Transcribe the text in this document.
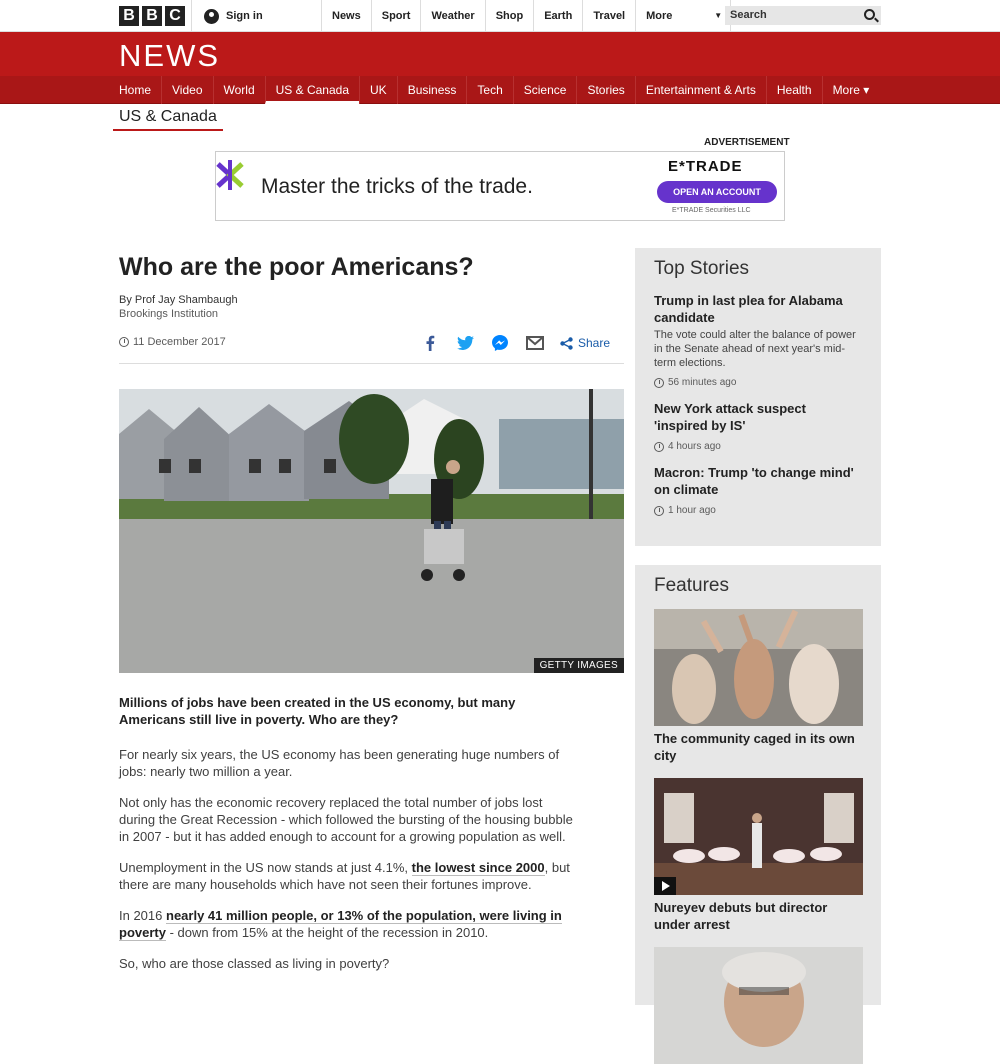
B B C	Sign in	News	Sport	Weather	Shop	Earth	Travel	More	▼ Search
NEWS
Home	Video	World	US & Canada	UK	Business	Tech	Science	Stories	Entertainment & Arts	Health	More ▾
US & Canada
ADVERTISEMENT
Master the tricks of the trade.
E*TRADE
OPEN AN ACCOUNT
E*TRADE Securities LLC
Who are the poor Americans?
By Prof Jay Shambaugh
Brookings Institution
11 December 2017	Share
GETTY IMAGES

Millions of jobs have been created in the US economy, but many Americans still live in poverty. Who are they?

For nearly six years, the US economy has been generating huge numbers of jobs: nearly two million a year.

Not only has the economic recovery replaced the total number of jobs lost during the Great Recession - which followed the bursting of the housing bubble in 2007 - but it has added enough to account for a growing population as well.

Unemployment in the US now stands at just 4.1%, the lowest since 2000, but there are many households which have not seen their fortunes improve.

In 2016 nearly 41 million people, or 13% of the population, were living in poverty - down from 15% at the height of the recession in 2010.

So, who are those classed as living in poverty?

Top Stories
Trump in last plea for Alabama candidate
The vote could alter the balance of power in the Senate ahead of next year's mid-term elections.
56 minutes ago
New York attack suspect 'inspired by IS'
4 hours ago
Macron: Trump 'to change mind' on climate
1 hour ago
Features
The community caged in its own city
Nureyev debuts but director under arrest
